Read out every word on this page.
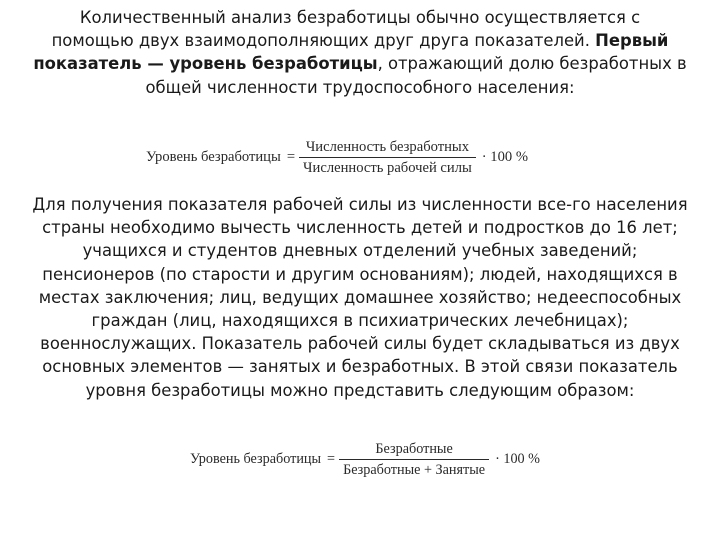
Количественный анализ безработицы обычно осуществляется с
помощью двух взаимодополняющих друг друга показателей. Первый
показатель — уровень безработицы, отражающий долю безработных в
общей численности трудоспособного населения:

Уровень безработицы = $\frac{\text{Численность безработных}}{\text{Численность рабочей силы}} \cdot 100$ %

Для получения показателя рабочей силы из численности все-го населения
страны необходимо вычесть численность детей и подростков до 16 лет;
учащихся и студентов дневных отделений учебных заведений;
пенсионеров (по старости и другим основаниям); людей, находящихся в
местах заключения; лиц, ведущих домашнее хозяйство; недееспособных
граждан (лиц, находящихся в психиатрических лечебницах);
военнослужащих. Показатель рабочей силы будет складываться из двух
основных элементов — занятых и безработных. В этой связи показатель
уровня безработицы можно представить следующим образом:

Уровень безработицы = $\frac{\text{Безработные}}{\text{Безработные + Занятые}} \cdot 100$ %
